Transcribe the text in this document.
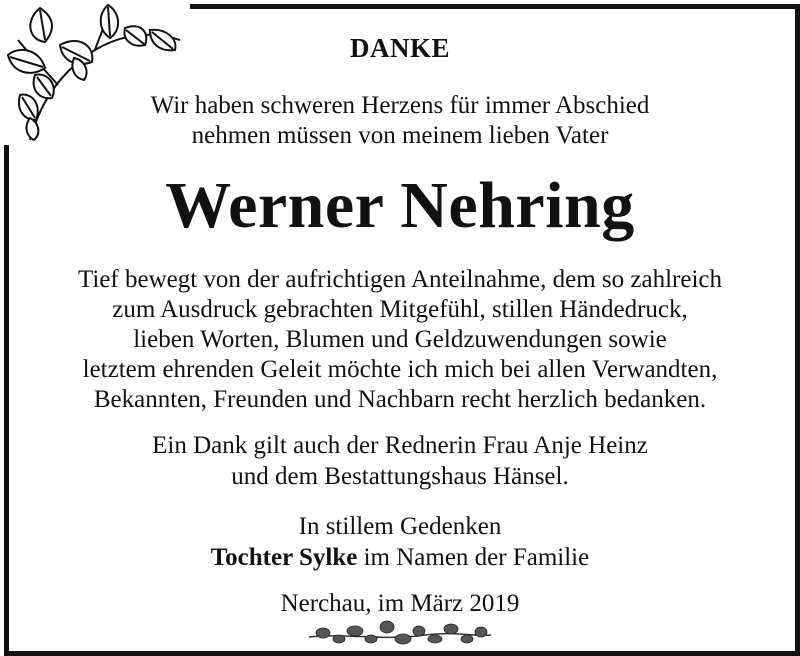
DANKE
Wir haben schweren Herzens für immer Abschied
nehmen müssen von meinem lieben Vater
Werner Nehring
Tief bewegt von der aufrichtigen Anteilnahme, dem so zahlreich
zum Ausdruck gebrachten Mitgefühl, stillen Händedruck,
lieben Worten, Blumen und Geldzuwendungen sowie
letztem ehrenden Geleit möchte ich mich bei allen Verwandten,
Bekannten, Freunden und Nachbarn recht herzlich bedanken.
Ein Dank gilt auch der Rednerin Frau Anje Heinz
und dem Bestattungshaus Hänsel.
In stillem Gedenken
Tochter Sylke im Namen der Familie
Nerchau, im März 2019
